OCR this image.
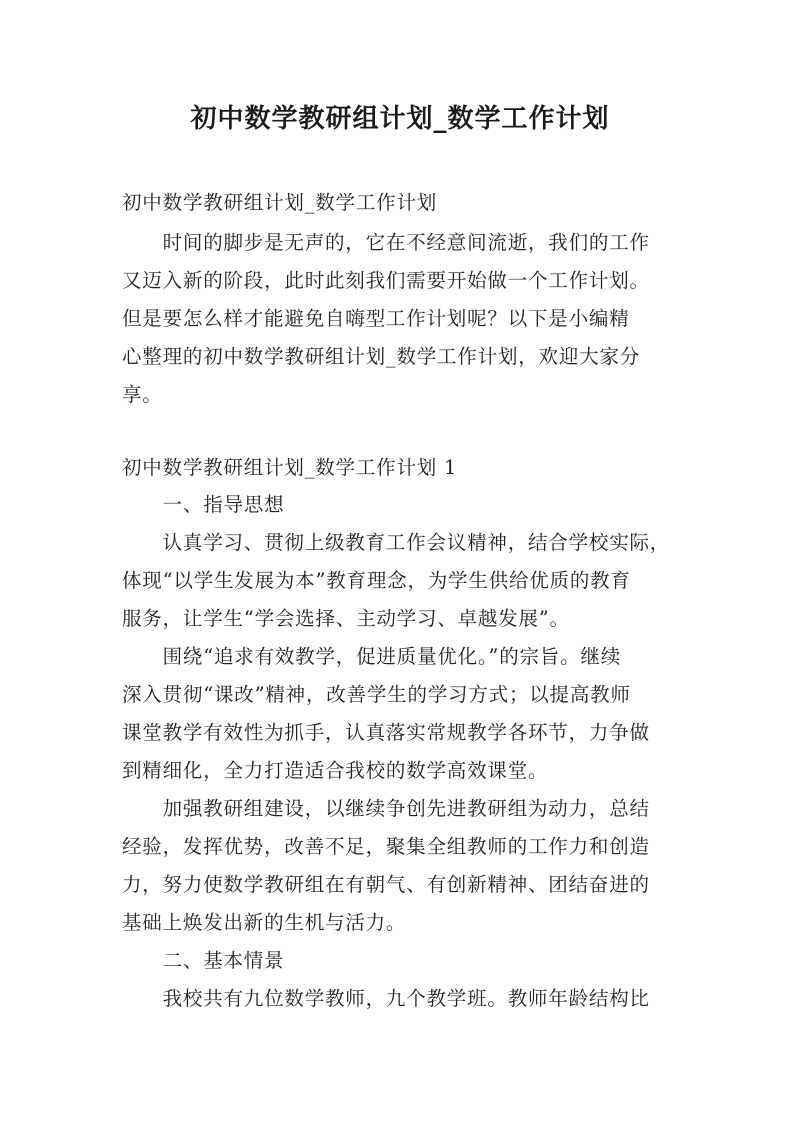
初中数学教研组计划_数学工作计划

初中数学教研组计划_数学工作计划

　　时间的脚步是无声的，它在不经意间流逝，我们的工作

又迈入新的阶段，此时此刻我们需要开始做一个工作计划。

但是要怎么样才能避免自嗨型工作计划呢？以下是小编精

心整理的初中数学教研组计划_数学工作计划，欢迎大家分

享。

初中数学教研组计划_数学工作计划 1

　　一、指导思想

　　认真学习、贯彻上级教育工作会议精神，结合学校实际，

体现“以学生发展为本”教育理念，为学生供给优质的教育

服务，让学生“学会选择、主动学习、卓越发展”。

　　围绕“追求有效教学，促进质量优化。”的宗旨。继续

深入贯彻“课改”精神，改善学生的学习方式；以提高教师

课堂教学有效性为抓手，认真落实常规教学各环节，力争做

到精细化，全力打造适合我校的数学高效课堂。

　　加强教研组建设，以继续争创先进教研组为动力，总结

经验，发挥优势，改善不足，聚集全组教师的工作力和创造

力，努力使数学教研组在有朝气、有创新精神、团结奋进的

基础上焕发出新的生机与活力。

　　二、基本情景

　　我校共有九位数学教师，九个教学班。教师年龄结构比
